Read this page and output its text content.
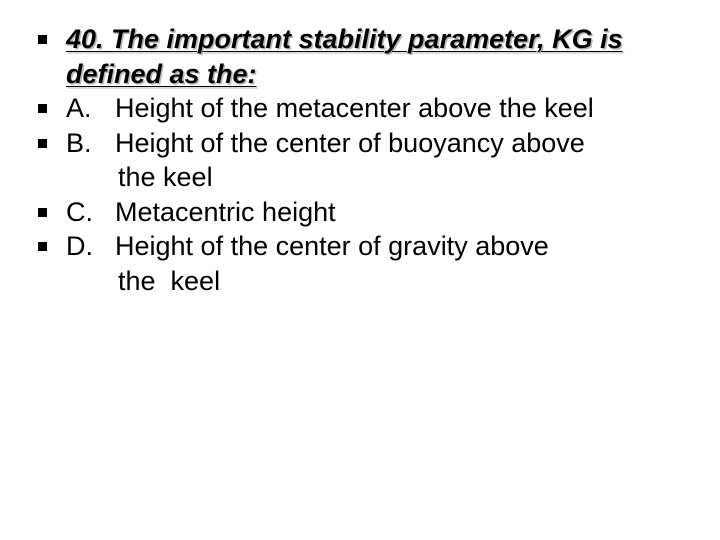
40. The important stability parameter, KG is defined as the:
A. Height of the metacenter above the keel
B. Height of the center of buoyancy above
the keel
C. Metacentric height
D. Height of the center of gravity above
the  keel
